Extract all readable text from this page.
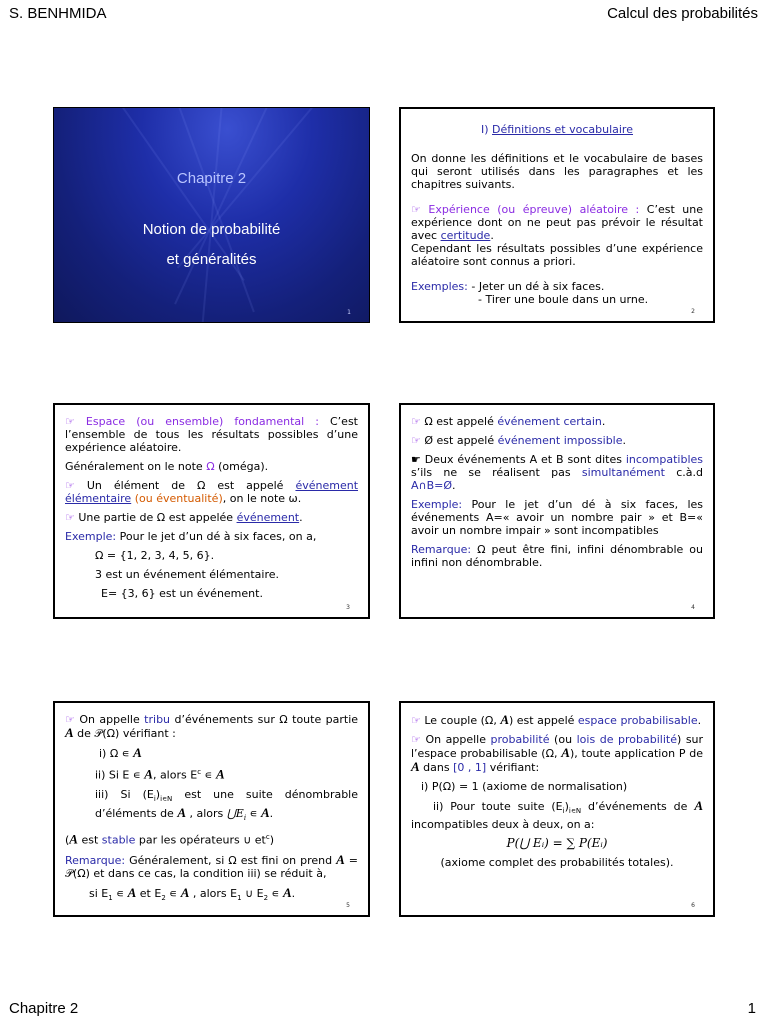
S. BENHMIDA	Calcul des probabilités
Chapitre 2
Notion de probabilité
et généralités
1
I) Définitions et vocabulaire
On donne les définitions et le vocabulaire de bases qui seront utilisés dans les paragraphes et les chapitres suivants.
☞ Expérience (ou épreuve) aléatoire : C’est une expérience dont on ne peut pas prévoir le résultat avec certitude.
Cependant les résultats possibles d’une expérience aléatoire sont connus a priori.
Exemples: - Jeter un dé à six faces.
- Tirer une boule dans un urne.
2
☞ Espace (ou ensemble) fondamental : C’est l’ensemble de tous les résultats possibles d’une expérience aléatoire.
Généralement on le note Ω (oméga).
☞ Un élément de Ω est appelé événement élémentaire (ou éventualité), on le note ω.
☞ Une partie de Ω est appelée événement.
Exemple: Pour le jet d’un dé à six faces, on a,
Ω = {1, 2, 3, 4, 5, 6}.
3 est un événement élémentaire.
E= {3, 6} est un événement.
3
☞ Ω est appelé événement certain.
☞ Ø est appelé événement impossible.
☛ Deux événements A et B sont dites incompatibles s’ils ne se réalisent pas simultanément c.à.d A∩B=Ø.
Exemple: Pour le jet d’un dé à six faces, les événements A=« avoir un nombre pair » et B=« avoir un nombre impair » sont incompatibles
Remarque: Ω peut être fini, infini dénombrable ou infini non dénombrable.
4
☞ On appelle tribu d’événements sur Ω toute partie A de 𝒫(Ω) vérifiant :
i) Ω ∊ A
ii) Si E ∊ A, alors $E^c$ ∊ A
iii) Si $(E_i)_{i∊N}$ est une suite dénombrable d’éléments de A , alors $⋃E_i$ ∊ A.
(A est stable par les opérateurs ∪ $et^c$)
Remarque: Généralement, si Ω est fini on prend A = 𝒫(Ω) et dans ce cas, la condition iii) se réduit à,
si $E_1$ ∊ A et $E_2$ ∊ A , alors $E_1$ ∪ $E_2$ ∊ A.
5
☞ Le couple (Ω, A) est appelé espace probabilisable.
☞ On appelle probabilité (ou lois de probabilité) sur l’espace probabilisable (Ω, A), toute application P de A dans [0 , 1] vérifiant:
i) P(Ω) = 1 (axiome de normalisation)
ii) Pour toute suite $(E_i)_{i∊N}$ d’événements de A incompatibles deux à deux, on a:
P(⋃ Eᵢ) = ∑ P(Eᵢ)
(axiome complet des probabilités totales).
6
Chapitre 2	1
